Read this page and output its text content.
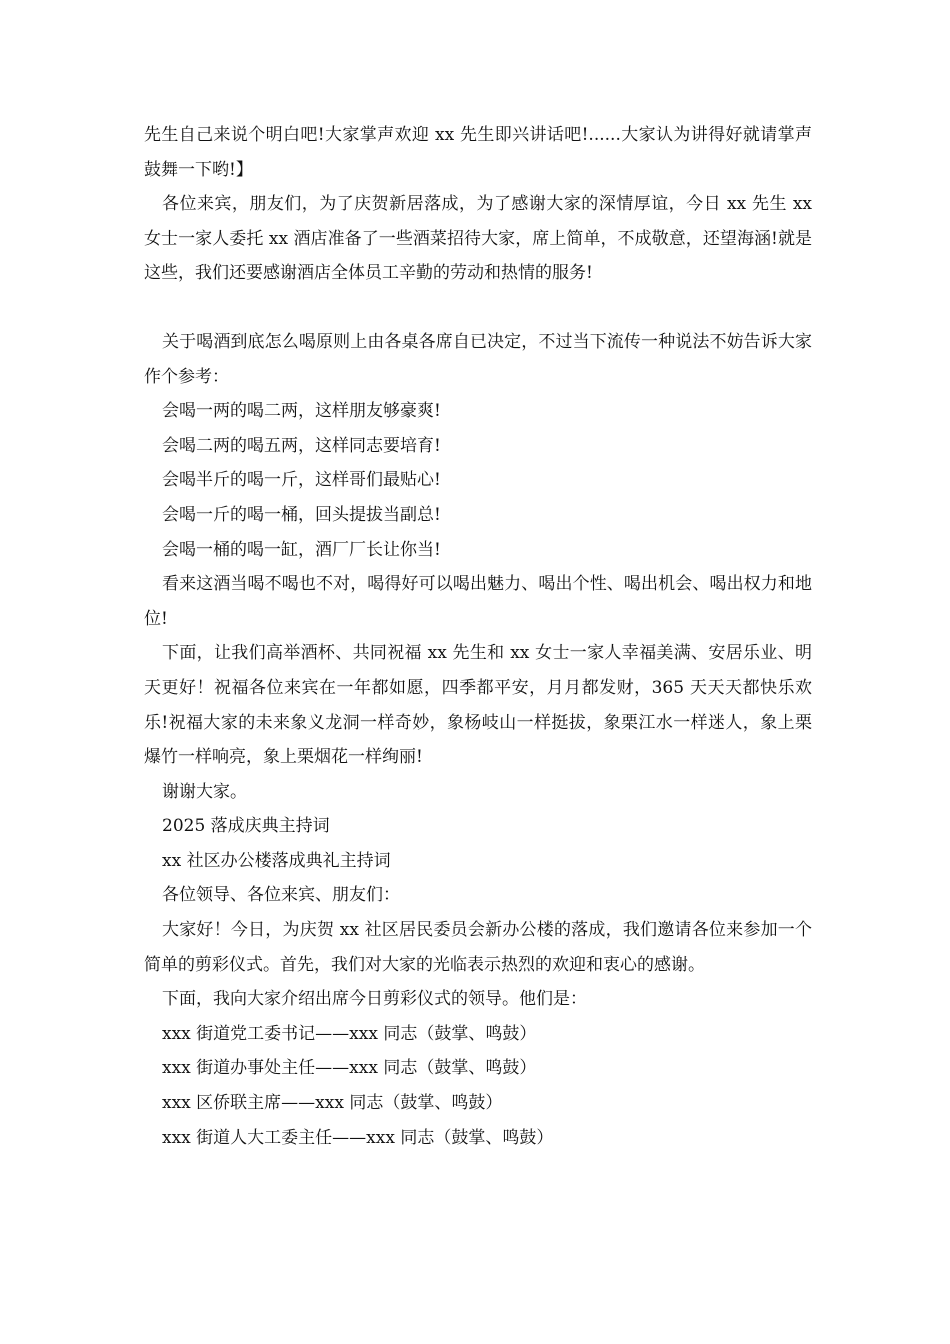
先生自己来说个明白吧!大家掌声欢迎 xx 先生即兴讲话吧!......大家认为讲得好就请掌声鼓舞一下哟!】

各位来宾，朋友们，为了庆贺新居落成，为了感谢大家的深情厚谊，今日 xx 先生 xx 女士一家人委托 xx 酒店准备了一些酒菜招待大家，席上简单，不成敬意，还望海涵!就是这些，我们还要感谢酒店全体员工辛勤的劳动和热情的服务!

关于喝酒到底怎么喝原则上由各桌各席自已决定，不过当下流传一种说法不妨告诉大家作个参考：

会喝一两的喝二两，这样朋友够豪爽!

会喝二两的喝五两，这样同志要培育!

会喝半斤的喝一斤，这样哥们最贴心!

会喝一斤的喝一桶，回头提拔当副总!

会喝一桶的喝一缸，酒厂厂长让你当!

看来这酒当喝不喝也不对，喝得好可以喝出魅力、喝出个性、喝出机会、喝出权力和地位!

下面，让我们高举酒杯、共同祝福 xx 先生和 xx 女士一家人幸福美满、安居乐业、明天更好！祝福各位来宾在一年都如愿，四季都平安，月月都发财，365 天天天都快乐欢乐!祝福大家的未来象义龙洞一样奇妙，象杨岐山一样挺拔，象栗江水一样迷人，象上栗爆竹一样响亮，象上栗烟花一样绚丽!

谢谢大家。

2025 落成庆典主持词

xx 社区办公楼落成典礼主持词

各位领导、各位来宾、朋友们：

大家好！今日，为庆贺 xx 社区居民委员会新办公楼的落成，我们邀请各位来参加一个简单的剪彩仪式。首先，我们对大家的光临表示热烈的欢迎和衷心的感谢。

下面，我向大家介绍出席今日剪彩仪式的领导。他们是：

xxx 街道党工委书记——xxx 同志（鼓掌、鸣鼓）

xxx 街道办事处主任——xxx 同志（鼓掌、鸣鼓）

xxx 区侨联主席——xxx 同志（鼓掌、鸣鼓）

xxx 街道人大工委主任——xxx 同志（鼓掌、鸣鼓）
